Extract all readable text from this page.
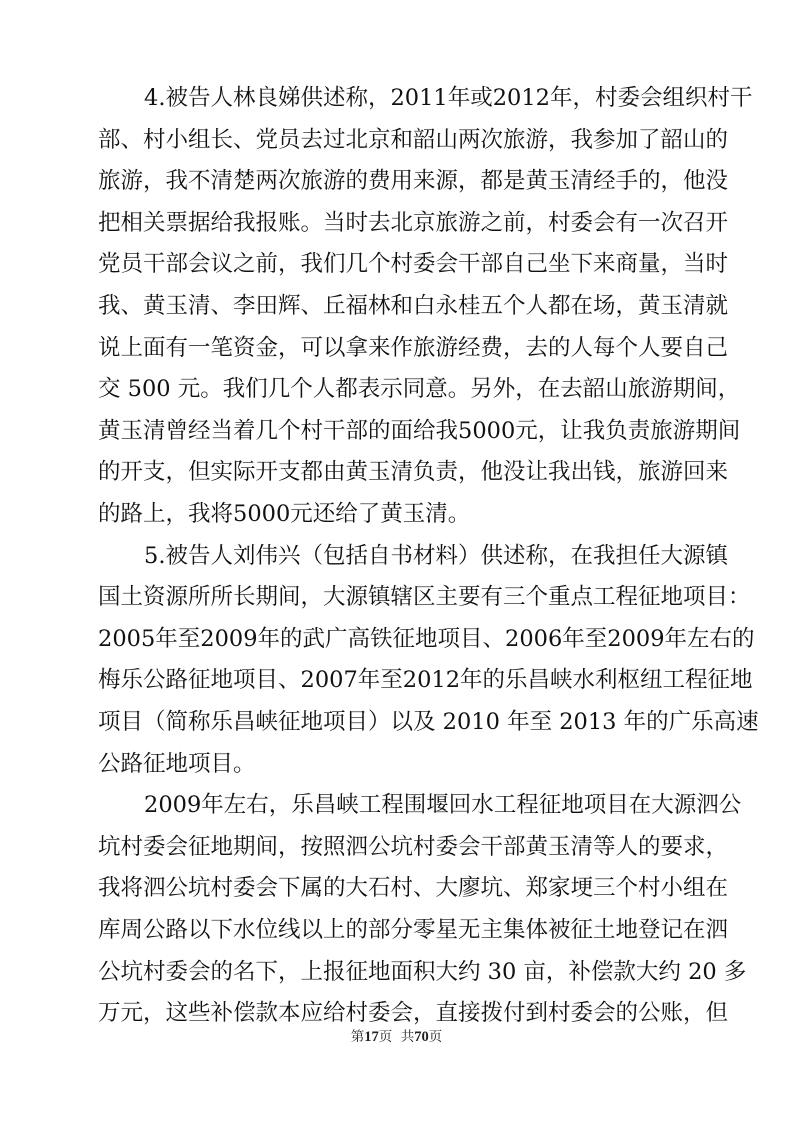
4.被告人林良娣供述称，2011年或2012年，村委会组织村干
部、村小组长、党员去过北京和韶山两次旅游，我参加了韶山的
旅游，我不清楚两次旅游的费用来源，都是黄玉清经手的，他没
把相关票据给我报账。当时去北京旅游之前，村委会有一次召开
党员干部会议之前，我们几个村委会干部自己坐下来商量，当时
我、黄玉清、李田辉、丘福林和白永桂五个人都在场，黄玉清就
说上面有一笔资金，可以拿来作旅游经费，去的人每个人要自己
交 500 元。我们几个人都表示同意。另外，在去韶山旅游期间，
黄玉清曾经当着几个村干部的面给我5000元，让我负责旅游期间
的开支，但实际开支都由黄玉清负责，他没让我出钱，旅游回来
的路上，我将5000元还给了黄玉清。
5.被告人刘伟兴（包括自书材料）供述称，在我担任大源镇
国土资源所所长期间，大源镇辖区主要有三个重点工程征地项目：
2005年至2009年的武广高铁征地项目、2006年至2009年左右的
梅乐公路征地项目、2007年至2012年的乐昌峡水利枢纽工程征地
项目（简称乐昌峡征地项目）以及 2010 年至 2013 年的广乐高速
公路征地项目。
2009年左右，乐昌峡工程围堰回水工程征地项目在大源泗公
坑村委会征地期间，按照泗公坑村委会干部黄玉清等人的要求，
我将泗公坑村委会下属的大石村、大廖坑、郑家埂三个村小组在
库周公路以下水位线以上的部分零星无主集体被征土地登记在泗
公坑村委会的名下，上报征地面积大约 30 亩，补偿款大约 20 多
万元，这些补偿款本应给村委会，直接拨付到村委会的公账，但
第17页  共70页
